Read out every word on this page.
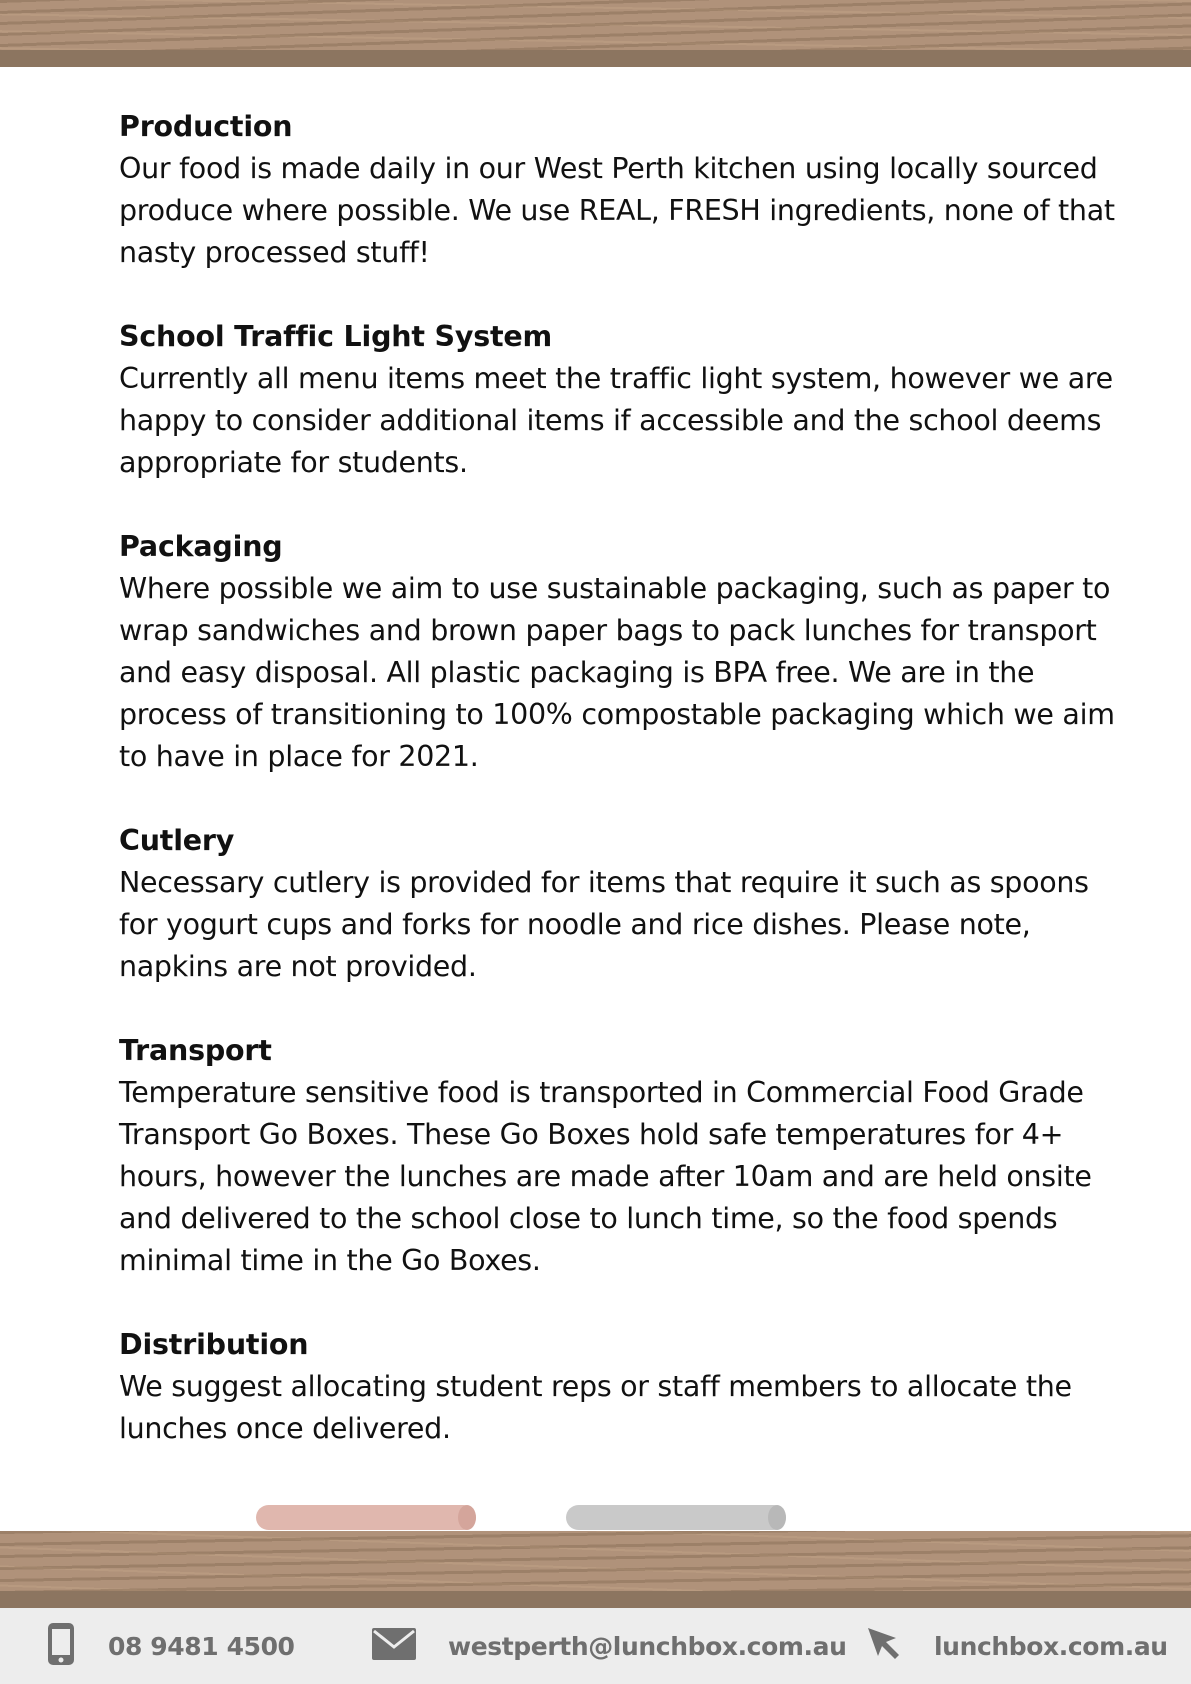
Production
Our food is made daily in our West Perth kitchen using locally sourced produce where possible. We use REAL, FRESH ingredients, none of that nasty processed stuff!
School Traffic Light System
Currently all menu items meet the traffic light system, however we are happy to consider additional items if accessible and the school deems appropriate for students.
Packaging
Where possible we aim to use sustainable packaging, such as paper to wrap sandwiches and brown paper bags to pack lunches for transport and easy disposal. All plastic packaging is BPA free. We are in the process of transitioning to 100% compostable packaging which we aim to have in place for 2021.
Cutlery
Necessary cutlery is provided for items that require it such as spoons for yogurt cups and forks for noodle and rice dishes. Please note, napkins are not provided.
Transport
Temperature sensitive food is transported in Commercial Food Grade Transport Go Boxes. These Go Boxes hold safe temperatures for 4+ hours, however the lunches are made after 10am and are held onsite and delivered to the school close to lunch time, so the food spends minimal time in the Go Boxes.
Distribution
We suggest allocating student reps or staff members to allocate the lunches once delivered.
08 9481 4500	westperth@lunchbox.com.au	lunchbox.com.au
